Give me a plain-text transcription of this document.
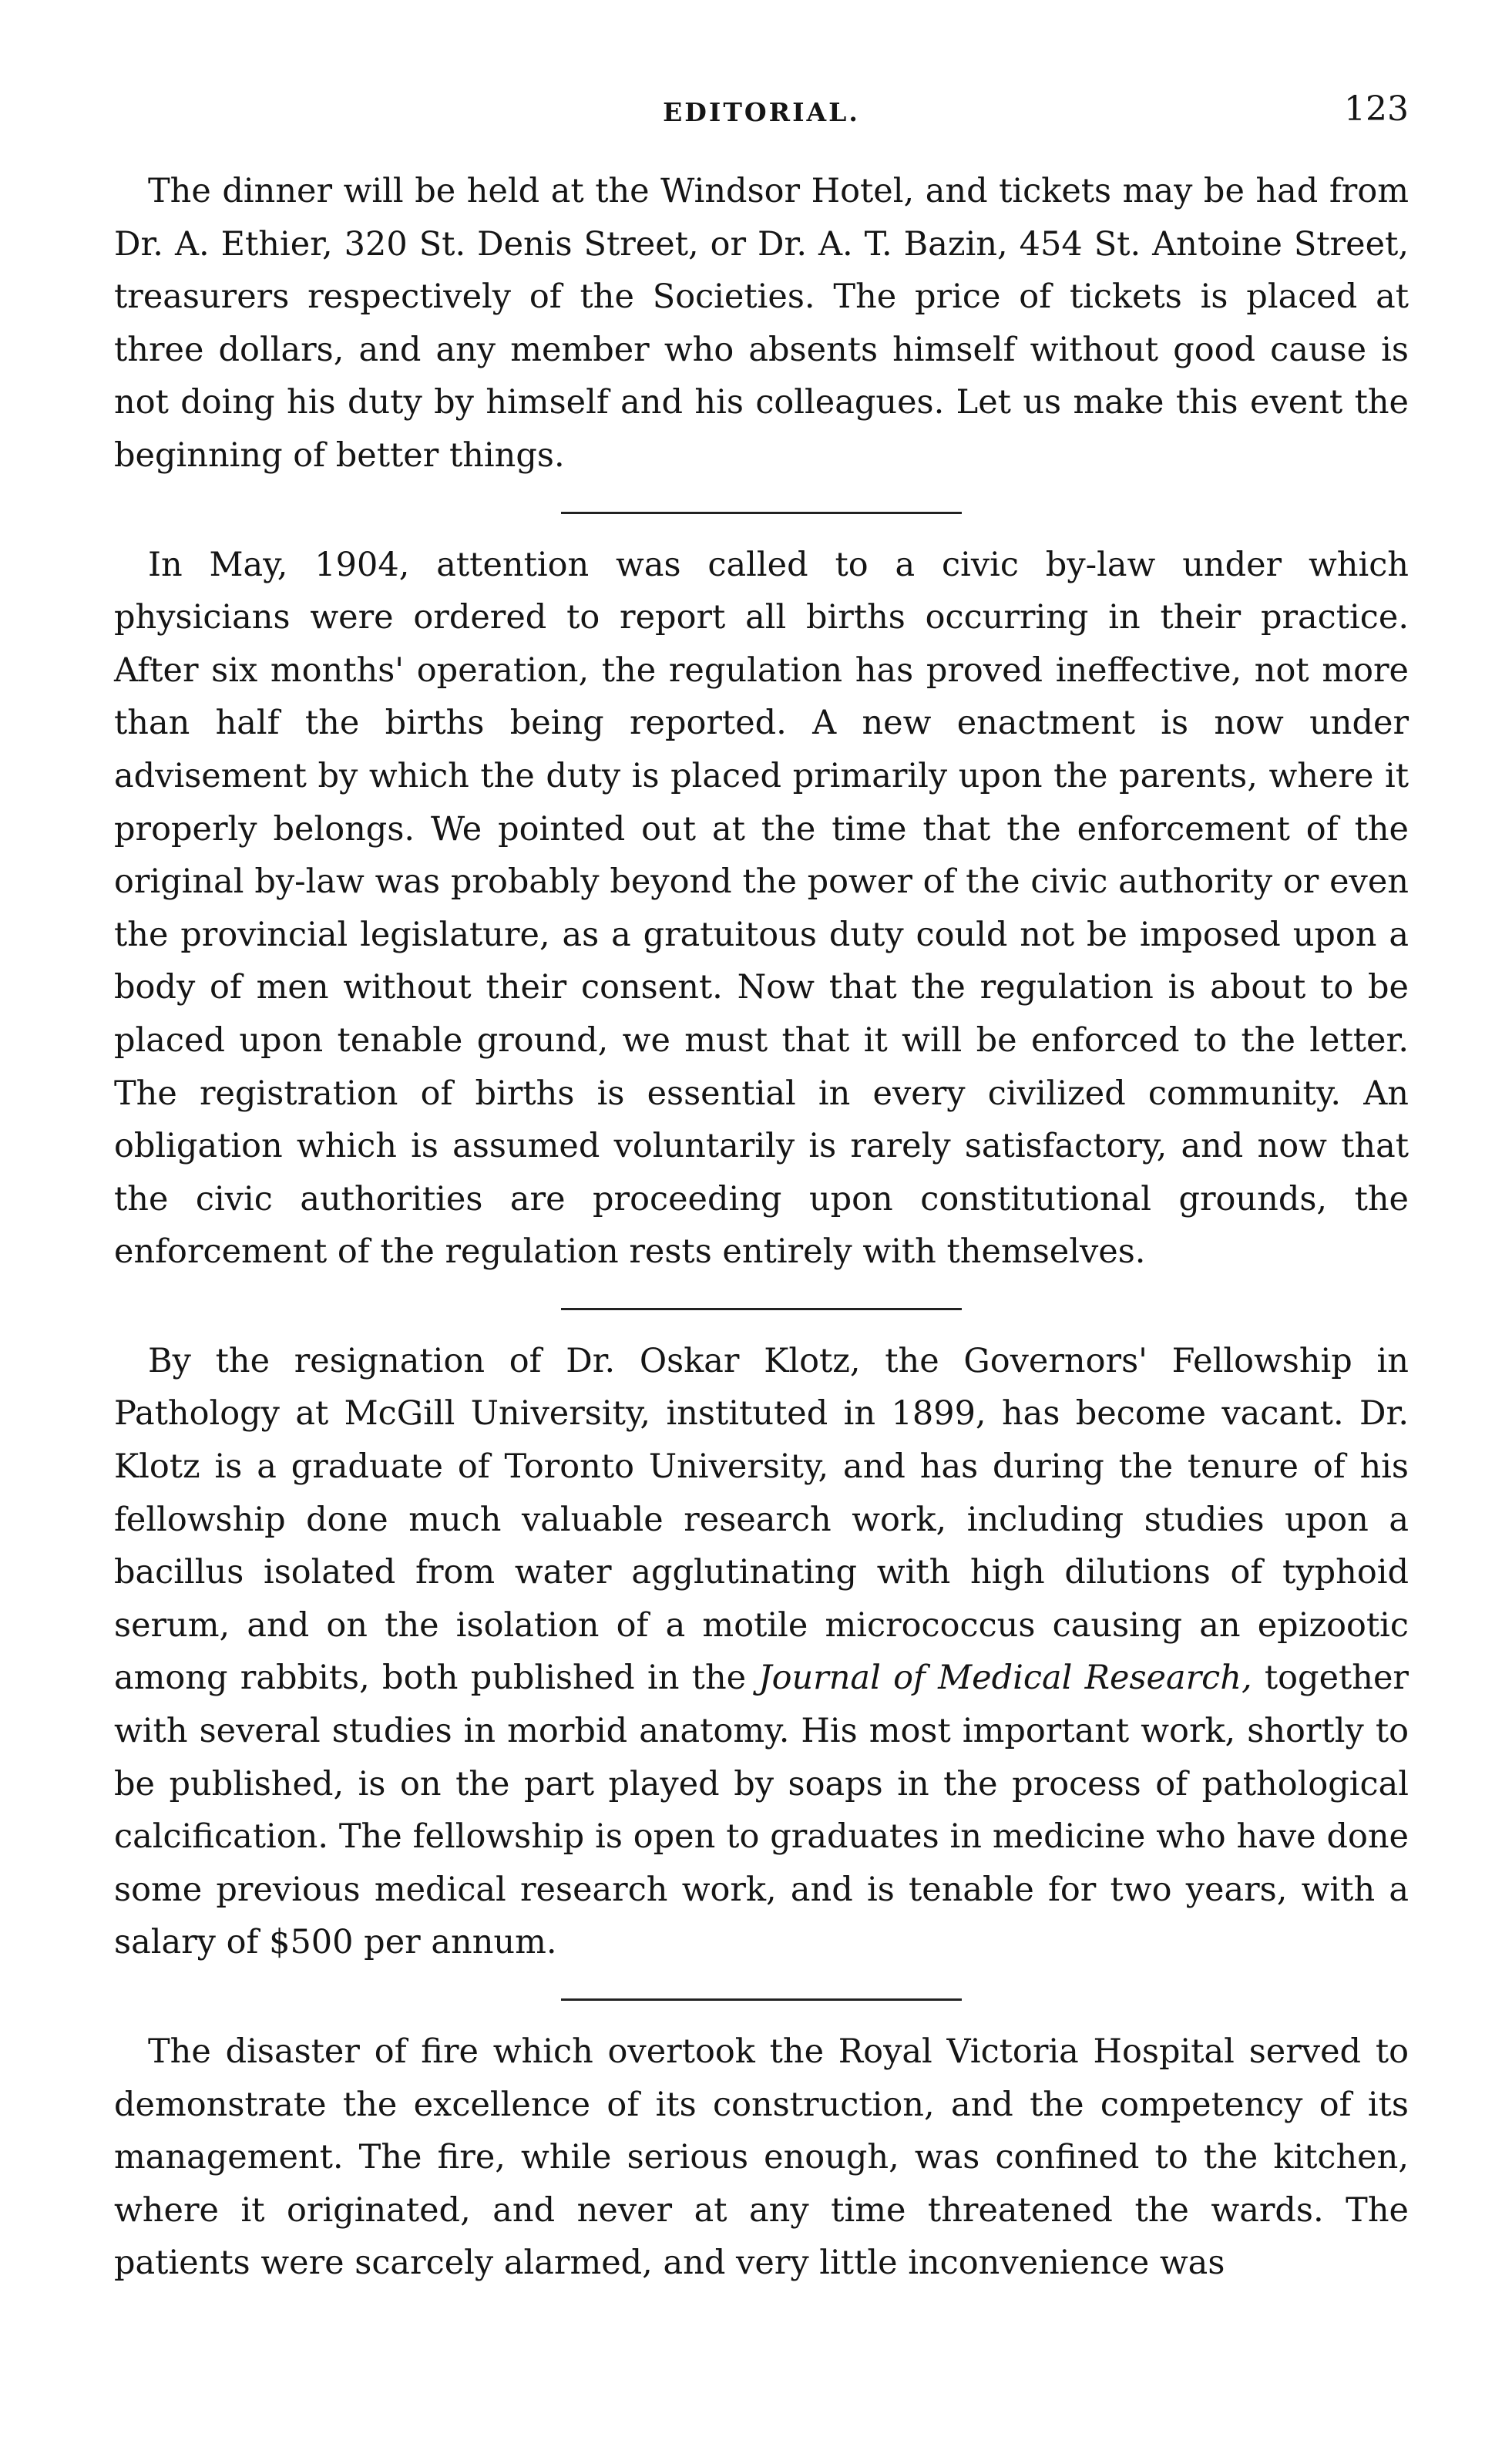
EDITORIAL.	123

The dinner will be held at the Windsor Hotel, and tickets may be had from Dr. A. Ethier, 320 St. Denis Street, or Dr. A. T. Bazin, 454 St. Antoine Street, treasurers respectively of the Societies. The price of tickets is placed at three dollars, and any member who absents himself without good cause is not doing his duty by himself and his colleagues. Let us make this event the beginning of better things.

In May, 1904, attention was called to a civic by-law under which physicians were ordered to report all births occurring in their practice. After six months' operation, the regulation has proved ineffective, not more than half the births being reported. A new enactment is now under advisement by which the duty is placed primarily upon the parents, where it properly belongs. We pointed out at the time that the enforcement of the original by-law was probably beyond the power of the civic authority or even the provincial legislature, as a gratuitous duty could not be imposed upon a body of men without their consent. Now that the regulation is about to be placed upon tenable ground, we must that it will be enforced to the letter. The registration of births is essential in every civilized community. An obligation which is assumed voluntarily is rarely satisfactory, and now that the civic authorities are proceeding upon constitutional grounds, the enforcement of the regulation rests entirely with themselves.

By the resignation of Dr. Oskar Klotz, the Governors' Fellowship in Pathology at McGill University, instituted in 1899, has become vacant. Dr. Klotz is a graduate of Toronto University, and has during the tenure of his fellowship done much valuable research work, including studies upon a bacillus isolated from water agglutinating with high dilutions of typhoid serum, and on the isolation of a motile micrococcus causing an epizootic among rabbits, both published in the Journal of Medical Research, together with several studies in morbid anatomy. His most important work, shortly to be published, is on the part played by soaps in the process of pathological calcification. The fellowship is open to graduates in medicine who have done some previous medical research work, and is tenable for two years, with a salary of $500 per annum.

The disaster of fire which overtook the Royal Victoria Hospital served to demonstrate the excellence of its construction, and the competency of its management. The fire, while serious enough, was confined to the kitchen, where it originated, and never at any time threatened the wards. The patients were scarcely alarmed, and very little inconvenience was
